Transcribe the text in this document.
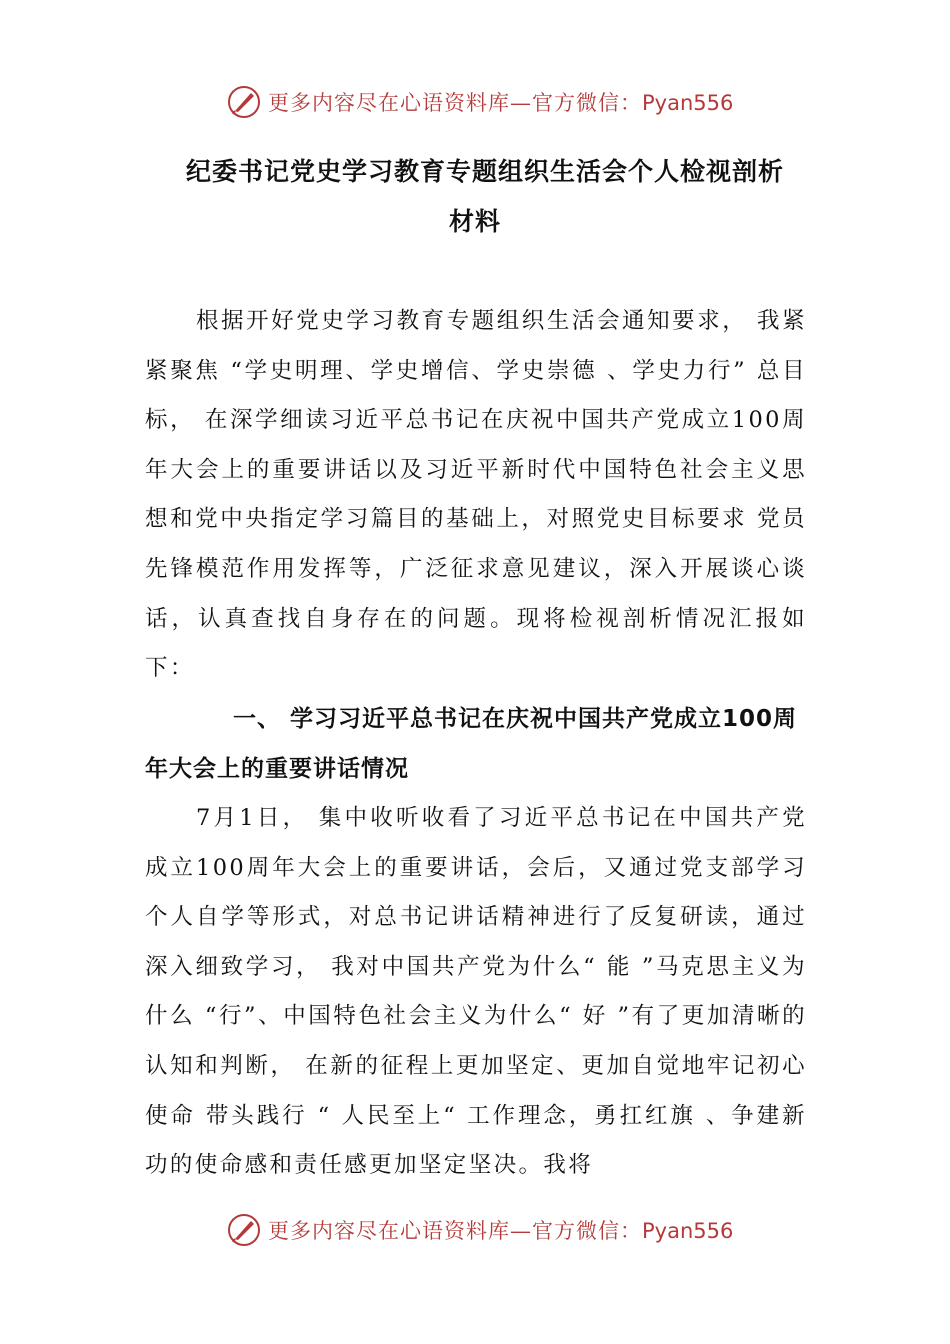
更多内容尽在心语资料库—官方微信：Pyan556
纪委书记党史学习教育专题组织生活会个人检视剖析
材料
根据开好党史学习教育专题组织生活会通知要求， 我紧紧聚焦 “学史明理、学史增信、学史崇德 、学史力行” 总目标， 在深学细读习近平总书记在庆祝中国共产党成立100周年大会上的重要讲话以及习近平新时代中国特色社会主义思想和党中央指定学习篇目的基础上，对照党史目标要求 党员先锋模范作用发挥等，广泛征求意见建议，深入开展谈心谈话，认真查找自身存在的问题。现将检视剖析情况汇报如下：
一、 学习习近平总书记在庆祝中国共产党成立100周 年大会上的重要讲话情况
7月1日， 集中收听收看了习近平总书记在中国共产党成立100周年大会上的重要讲话，会后，又通过党支部学习个人自学等形式，对总书记讲话精神进行了反复研读，通过深入细致学习， 我对中国共产党为什么“ 能 ”马克思主义为什么 “行”、中国特色社会主义为什么“ 好 ”有了更加清晰的认知和判断， 在新的征程上更加坚定、更加自觉地牢记初心使命 带头践行 “ 人民至上“ 工作理念，勇扛红旗 、争建新功的使命感和责任感更加坚定坚决。我将
更多内容尽在心语资料库—官方微信：Pyan556
